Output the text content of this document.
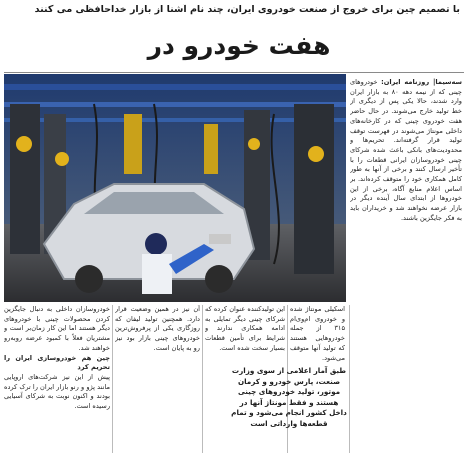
با تصمیم چین برای خروج از صنعت خودروی ایران، چند نام آشنا از بازار خداحافظی می کنند
هفت خودرو در

سه‌سیما| روزنامه ایران: خودروهای چینی که از نیمه دهه ۸۰ به بازار ایران وارد شدند، حالا یکی پس از دیگری از خط تولید خارج می‌شوند. در حال حاضر هفت خودروی چینی که در کارخانه‌های داخلی مونتاژ می‌شوند در فهرست توقف تولید قرار گرفته‌اند. تحریم‌ها و محدودیت‌های بانکی باعث شده شرکای چینی خودروسازان ایرانی قطعات را با تأخیر ارسال کنند و برخی از آنها به طور کامل همکاری خود را متوقف کرده‌اند. بر اساس اعلام منابع آگاه، برخی از این خودروها از ابتدای سال آینده دیگر در بازار عرضه نخواهند شد و خریداران باید به فکر جایگزین باشند.

اسکیلی مونتاژ شده و خودروی ام‌وی‌ام ۳۱۵ از جمله خودروهایی هستند که تولید آنها متوقف می‌شود.
این تولیدکننده عنوان کرده که شرکای چینی دیگر تمایلی به ادامه همکاری ندارند و شرایط برای تأمین قطعات بسیار سخت شده است.
آن نیز در همین وضعیت قرار دارد. همچنین تولید لیفان که روزگاری یکی از پرفروش‌ترین خودروهای چینی بازار بود نیز رو به پایان است.

خودروسازان داخلی به دنبال جایگزین کردن محصولات چینی با خودروهای دیگر هستند اما این کار زمان‌بر است و مشتریان فعلاً با کمبود عرضه روبه‌رو خواهند شد.

چین هم خودروسازی ایران را تحریم کرد

پیش از این نیز شرکت‌های اروپایی مانند پژو و رنو بازار ایران را ترک کرده بودند و اکنون نوبت به شرکای آسیایی رسیده است.

طبق آمار اعلامی از سوی وزارت صنعت، پارس خودرو و کرمان موتور، تولید خودروهای چینی هستند و فقط مونتاژ آنها در داخل کشور انجام می‌شود و تمام قطعه‌ها وارداتی است
